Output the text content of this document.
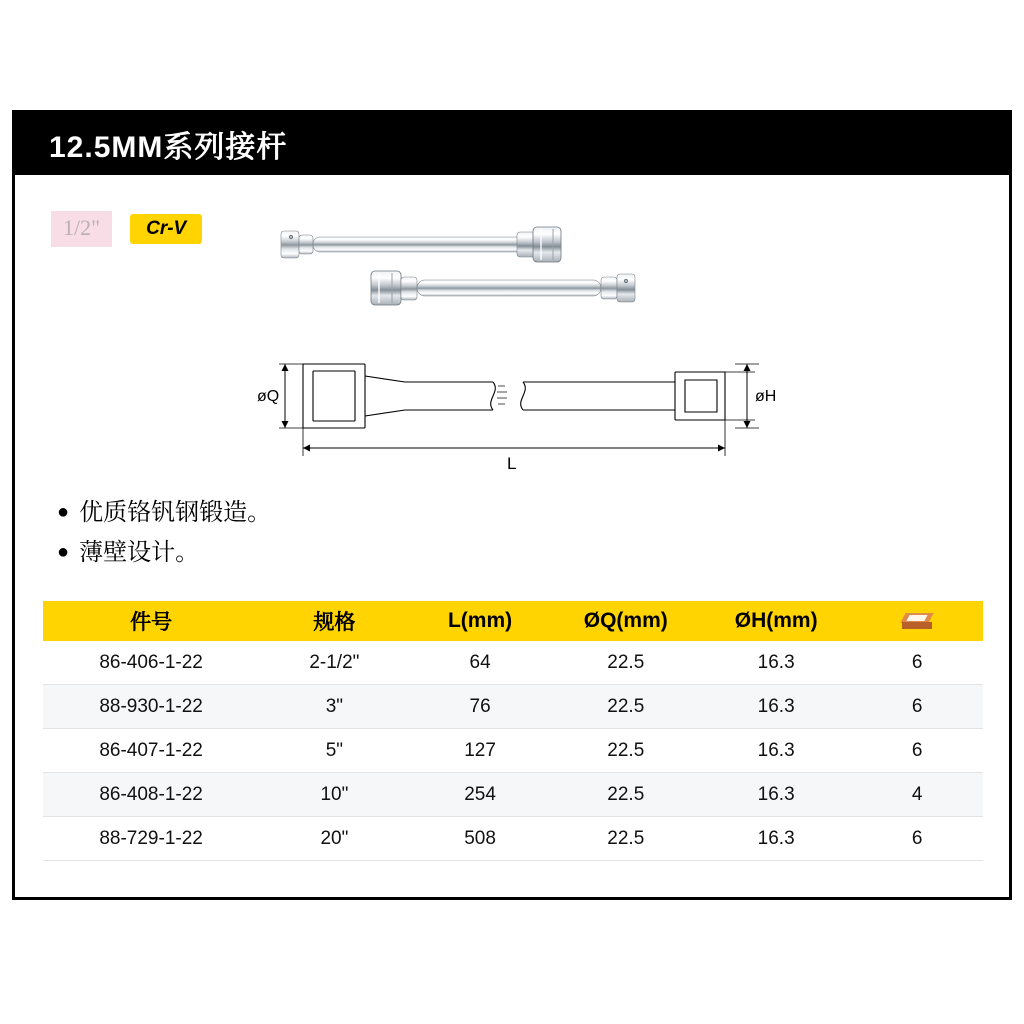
12.5MM系列接杆
1/2"	Cr-V
øQ	øH
L
● 优质铬钒钢锻造。
● 薄壁设计。
件号	规格	L(mm)	ØQ(mm)	ØH(mm)	

86-406-1-22	2-1/2"	64	22.5	16.3	6
88-930-1-22	3"	76	22.5	16.3	6
86-407-1-22	5"	127	22.5	16.3	6
86-408-1-22	10"	254	22.5	16.3	4
88-729-1-22	20"	508	22.5	16.3	6
